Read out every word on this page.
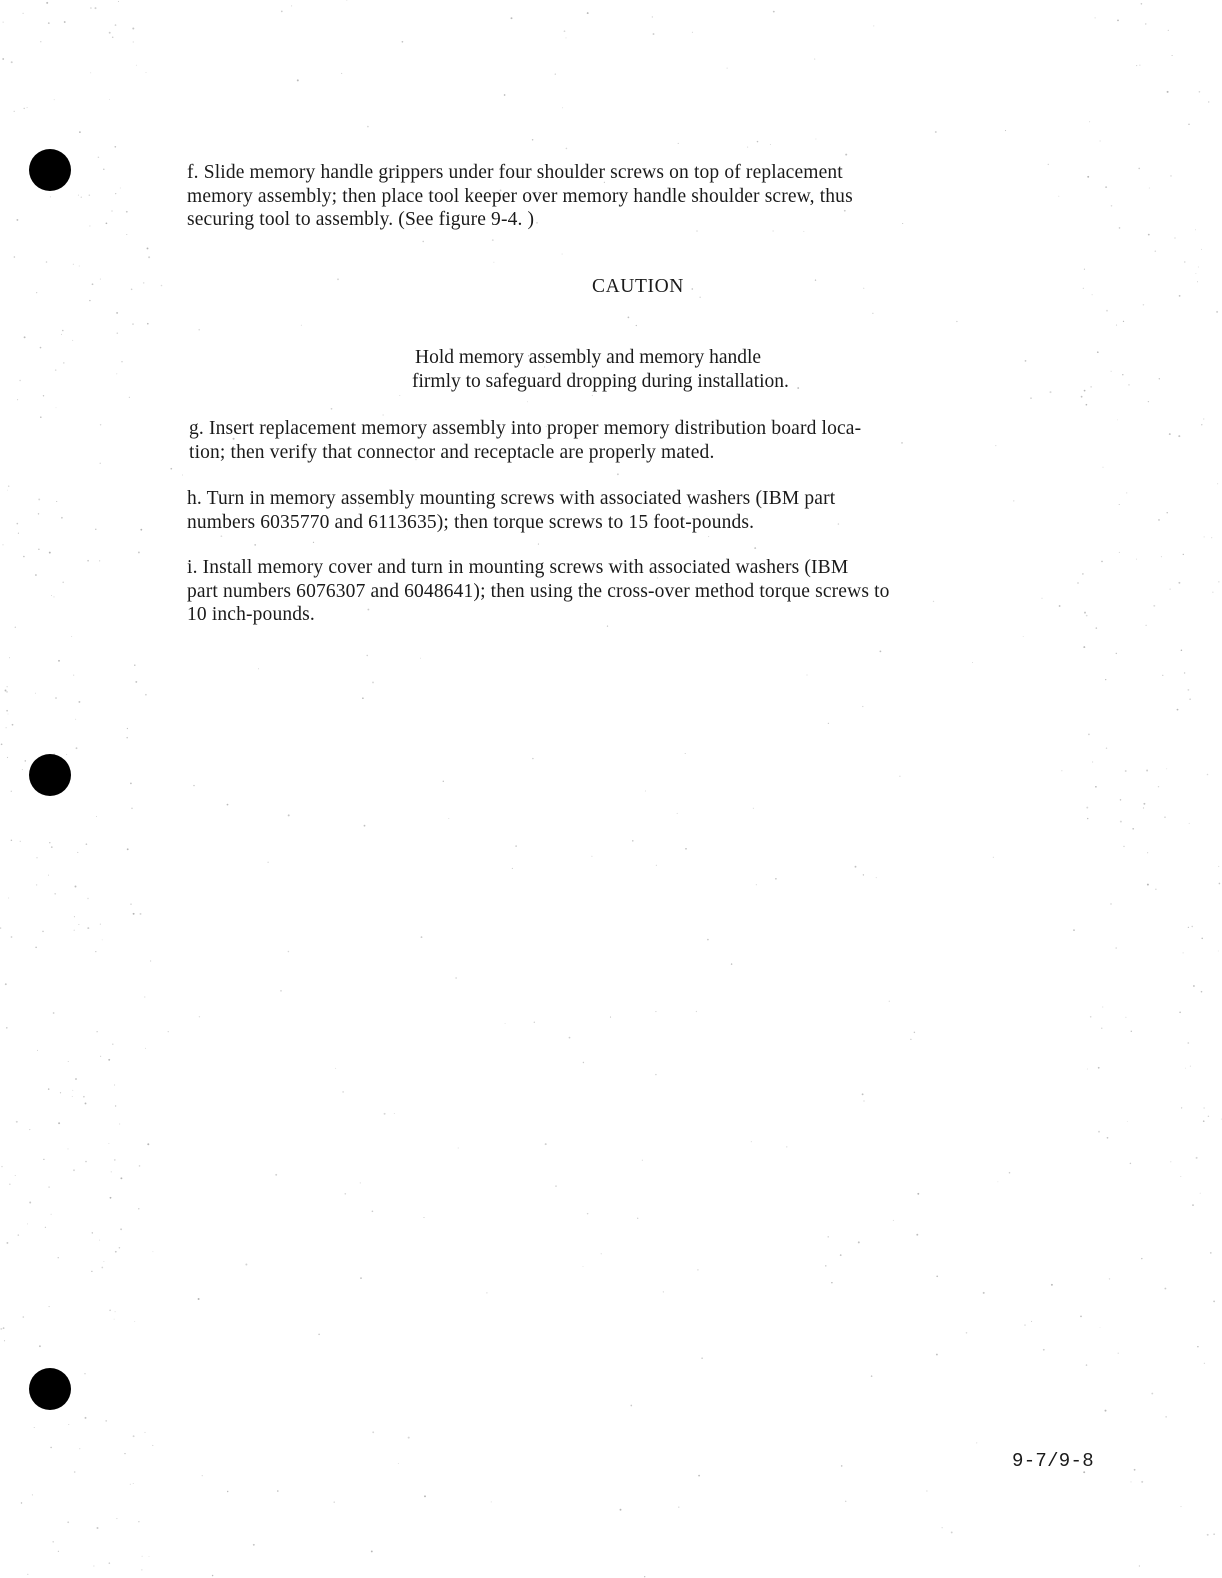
f. Slide memory handle grippers under four shoulder screws on top of replacement
memory assembly; then place tool keeper over memory handle shoulder screw, thus
securing tool to assembly. (See figure 9-4. )
CAUTION
Hold memory assembly and memory handle
firmly to safeguard dropping during installation.
g. Insert replacement memory assembly into proper memory distribution board loca-
tion; then verify that connector and receptacle are properly mated.
h. Turn in memory assembly mounting screws with associated washers (IBM part
numbers 6035770 and 6113635); then torque screws to 15 foot-pounds.
i. Install memory cover and turn in mounting screws with associated washers (IBM
part numbers 6076307 and 6048641); then using the cross-over method torque screws to
10 inch-pounds.
9-7/9-8
